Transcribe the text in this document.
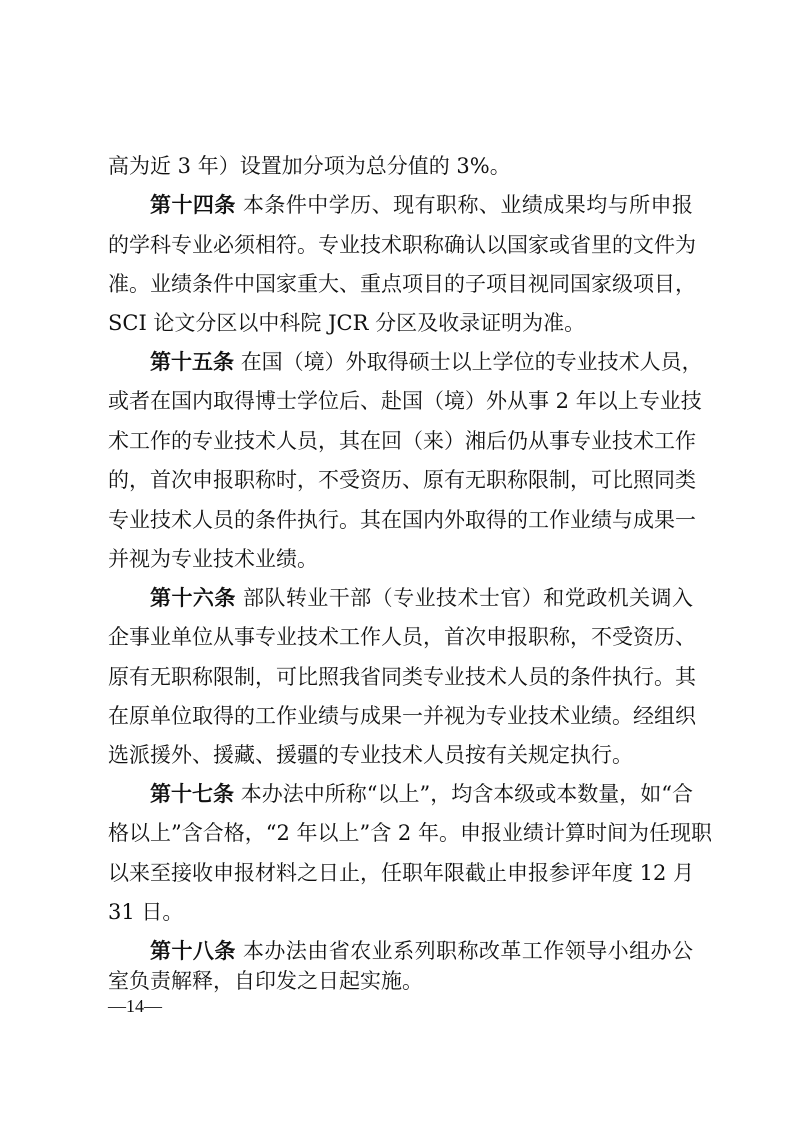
高为近 3 年）设置加分项为总分值的 3%。
第十四条 本条件中学历、现有职称、业绩成果均与所申报
的学科专业必须相符。专业技术职称确认以国家或省里的文件为
准。业绩条件中国家重大、重点项目的子项目视同国家级项目，
SCI 论文分区以中科院 JCR 分区及收录证明为准。
第十五条 在国（境）外取得硕士以上学位的专业技术人员，
或者在国内取得博士学位后、赴国（境）外从事 2 年以上专业技
术工作的专业技术人员，其在回（来）湘后仍从事专业技术工作
的，首次申报职称时，不受资历、原有无职称限制，可比照同类
专业技术人员的条件执行。其在国内外取得的工作业绩与成果一
并视为专业技术业绩。
第十六条 部队转业干部（专业技术士官）和党政机关调入
企事业单位从事专业技术工作人员，首次申报职称，不受资历、
原有无职称限制，可比照我省同类专业技术人员的条件执行。其
在原单位取得的工作业绩与成果一并视为专业技术业绩。经组织
选派援外、援藏、援疆的专业技术人员按有关规定执行。
第十七条 本办法中所称“以上”，均含本级或本数量，如“合
格以上”含合格，“2 年以上”含 2 年。申报业绩计算时间为任现职
以来至接收申报材料之日止，任职年限截止申报参评年度 12 月
31 日。
第十八条 本办法由省农业系列职称改革工作领导小组办公
室负责解释，自印发之日起实施。
—14—
